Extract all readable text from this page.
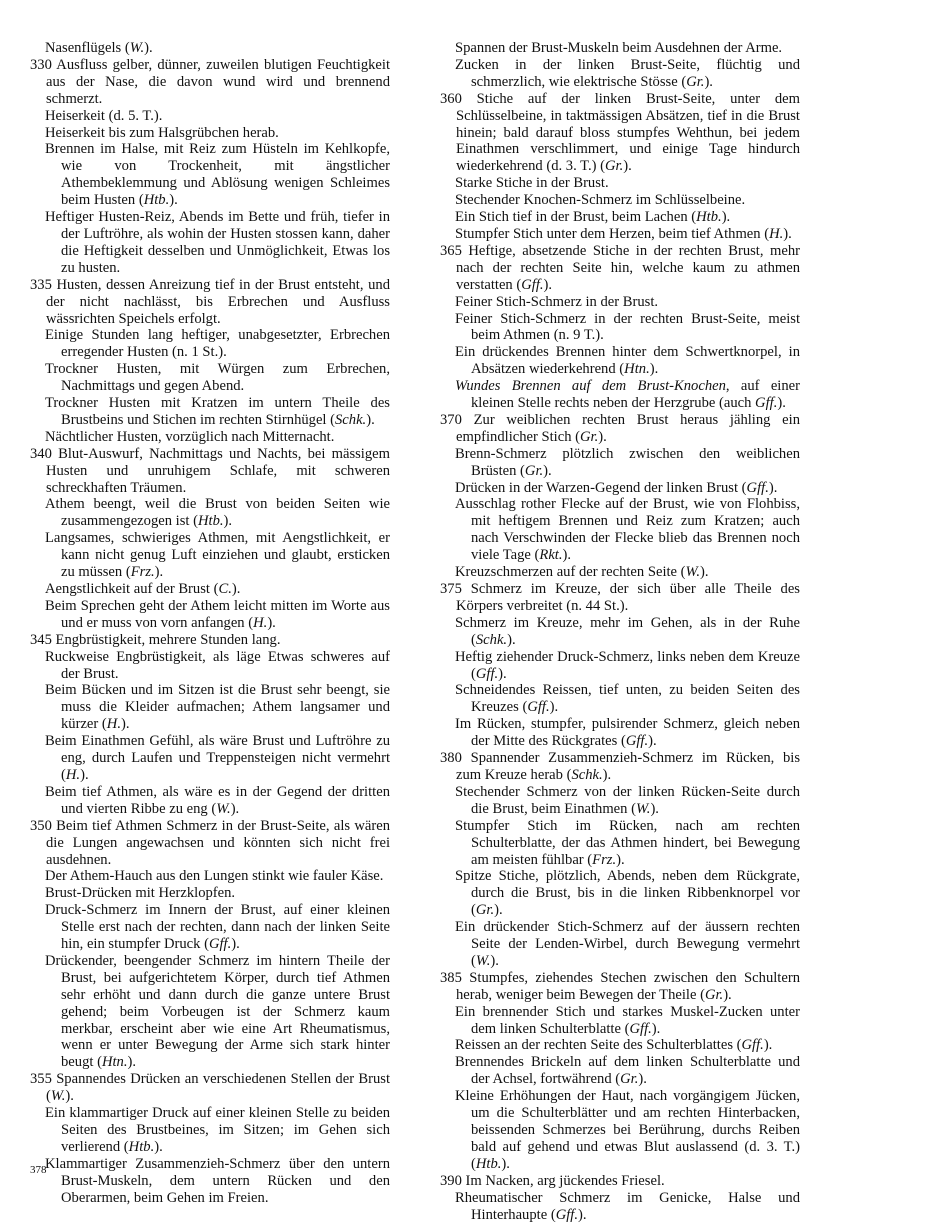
Nasenflügels (W.).

330 Ausfluss gelber, dünner, zuweilen blutigen Feuchtigkeit aus der Nase, die davon wund wird und brennend schmerzt.

Heiserkeit (d. 5. T.).

Heiserkeit bis zum Halsgrübchen herab.

Brennen im Halse, mit Reiz zum Hüsteln im Kehlkopfe, wie von Trockenheit, mit ängstlicher Athembeklemmung und Ablösung wenigen Schleimes beim Husten (Htb.).

Heftiger Husten-Reiz, Abends im Bette und früh, tiefer in der Luftröhre, als wohin der Husten stossen kann, daher die Heftigkeit desselben und Unmöglichkeit, Etwas los zu husten.

335 Husten, dessen Anreizung tief in der Brust entsteht, und der nicht nachlässt, bis Erbrechen und Ausfluss wässrichten Speichels erfolgt.

Einige Stunden lang heftiger, unabgesetzter, Erbrechen erregender Husten (n. 1 St.).

Trockner Husten, mit Würgen zum Erbrechen, Nachmittags und gegen Abend.

Trockner Husten mit Kratzen im untern Theile des Brustbeins und Stichen im rechten Stirnhügel (Schk.).

Nächtlicher Husten, vorzüglich nach Mitternacht.

340 Blut-Auswurf, Nachmittags und Nachts, bei mässigem Husten und unruhigem Schlafe, mit schweren schreckhaften Träumen.

Athem beengt, weil die Brust von beiden Seiten wie zusammengezogen ist (Htb.).

Langsames, schwieriges Athmen, mit Aengstlichkeit, er kann nicht genug Luft einziehen und glaubt, ersticken zu müssen (Frz.).

Aengstlichkeit auf der Brust (C.).

Beim Sprechen geht der Athem leicht mitten im Worte aus und er muss von vorn anfangen (H.).

345 Engbrüstigkeit, mehrere Stunden lang.

Ruckweise Engbrüstigkeit, als läge Etwas schweres auf der Brust.

Beim Bücken und im Sitzen ist die Brust sehr beengt, sie muss die Kleider aufmachen; Athem langsamer und kürzer (H.).

Beim Einathmen Gefühl, als wäre Brust und Luftröhre zu eng, durch Laufen und Treppensteigen nicht vermehrt (H.).

Beim tief Athmen, als wäre es in der Gegend der dritten und vierten Ribbe zu eng (W.).

350 Beim tief Athmen Schmerz in der Brust-Seite, als wären die Lungen angewachsen und könnten sich nicht frei ausdehnen.

Der Athem-Hauch aus den Lungen stinkt wie fauler Käse.

Brust-Drücken mit Herzklopfen.

Druck-Schmerz im Innern der Brust, auf einer kleinen Stelle erst nach der rechten, dann nach der linken Seite hin, ein stumpfer Druck (Gff.).

Drückender, beengender Schmerz im hintern Theile der Brust, bei aufgerichtetem Körper, durch tief Athmen sehr erhöht und dann durch die ganze untere Brust gehend; beim Vorbeugen ist der Schmerz kaum merkbar, erscheint aber wie eine Art Rheumatismus, wenn er unter Bewegung der Arme sich stark hinter beugt (Htn.).

355 Spannendes Drücken an verschiedenen Stellen der Brust (W.).

Ein klammartiger Druck auf einer kleinen Stelle zu beiden Seiten des Brustbeines, im Sitzen; im Gehen sich verlierend (Htb.).

Klammartiger Zusammenzieh-Schmerz über den untern Brust-Muskeln, dem untern Rücken und den Oberarmen, beim Gehen im Freien.

Spannen der Brust-Muskeln beim Ausdehnen der Arme.

Zucken in der linken Brust-Seite, flüchtig und schmerzlich, wie elektrische Stösse (Gr.).

360 Stiche auf der linken Brust-Seite, unter dem Schlüsselbeine, in taktmässigen Absätzen, tief in die Brust hinein; bald darauf bloss stumpfes Wehthun, bei jedem Einathmen verschlimmert, und einige Tage hindurch wiederkehrend (d. 3. T.) (Gr.).

Starke Stiche in der Brust.

Stechender Knochen-Schmerz im Schlüsselbeine.

Ein Stich tief in der Brust, beim Lachen (Htb.).

Stumpfer Stich unter dem Herzen, beim tief Athmen (H.).

365 Heftige, absetzende Stiche in der rechten Brust, mehr nach der rechten Seite hin, welche kaum zu athmen verstatten (Gff.).

Feiner Stich-Schmerz in der Brust.

Feiner Stich-Schmerz in der rechten Brust-Seite, meist beim Athmen (n. 9 T.).

Ein drückendes Brennen hinter dem Schwertknorpel, in Absätzen wiederkehrend (Htn.).

Wundes Brennen auf dem Brust-Knochen, auf einer kleinen Stelle rechts neben der Herzgrube (auch Gff.).

370 Zur weiblichen rechten Brust heraus jähling ein empfindlicher Stich (Gr.).

Brenn-Schmerz plötzlich zwischen den weiblichen Brüsten (Gr.).

Drücken in der Warzen-Gegend der linken Brust (Gff.).

Ausschlag rother Flecke auf der Brust, wie von Flohbiss, mit heftigem Brennen und Reiz zum Kratzen; auch nach Verschwinden der Flecke blieb das Brennen noch viele Tage (Rkt.).

Kreuzschmerzen auf der rechten Seite (W.).

375 Schmerz im Kreuze, der sich über alle Theile des Körpers verbreitet (n. 44 St.).

Schmerz im Kreuze, mehr im Gehen, als in der Ruhe (Schk.).

Heftig ziehender Druck-Schmerz, links neben dem Kreuze (Gff.).

Schneidendes Reissen, tief unten, zu beiden Seiten des Kreuzes (Gff.).

Im Rücken, stumpfer, pulsirender Schmerz, gleich neben der Mitte des Rückgrates (Gff.).

380 Spannender Zusammenzieh-Schmerz im Rücken, bis zum Kreuze herab (Schk.).

Stechender Schmerz von der linken Rücken-Seite durch die Brust, beim Einathmen (W.).

Stumpfer Stich im Rücken, nach am rechten Schulterblatte, der das Athmen hindert, bei Bewegung am meisten fühlbar (Frz.).

Spitze Stiche, plötzlich, Abends, neben dem Rückgrate, durch die Brust, bis in die linken Ribbenknorpel vor (Gr.).

Ein drückender Stich-Schmerz auf der äussern rechten Seite der Lenden-Wirbel, durch Bewegung vermehrt (W.).

385 Stumpfes, ziehendes Stechen zwischen den Schultern herab, weniger beim Bewegen der Theile (Gr.).

Ein brennender Stich und starkes Muskel-Zucken unter dem linken Schulterblatte (Gff.).

Reissen an der rechten Seite des Schulterblattes (Gff.).

Brennendes Brickeln auf dem linken Schulterblatte und der Achsel, fortwährend (Gr.).

Kleine Erhöhungen der Haut, nach vorgängigem Jücken, um die Schulterblätter und am rechten Hinterbacken, beissenden Schmerzes bei Berührung, durchs Reiben bald auf gehend und etwas Blut auslassend (d. 3. T.) (Htb.).

390 Im Nacken, arg jückendes Friesel.

Rheumatischer Schmerz im Genicke, Halse und Hinterhaupte (Gff.).

378
